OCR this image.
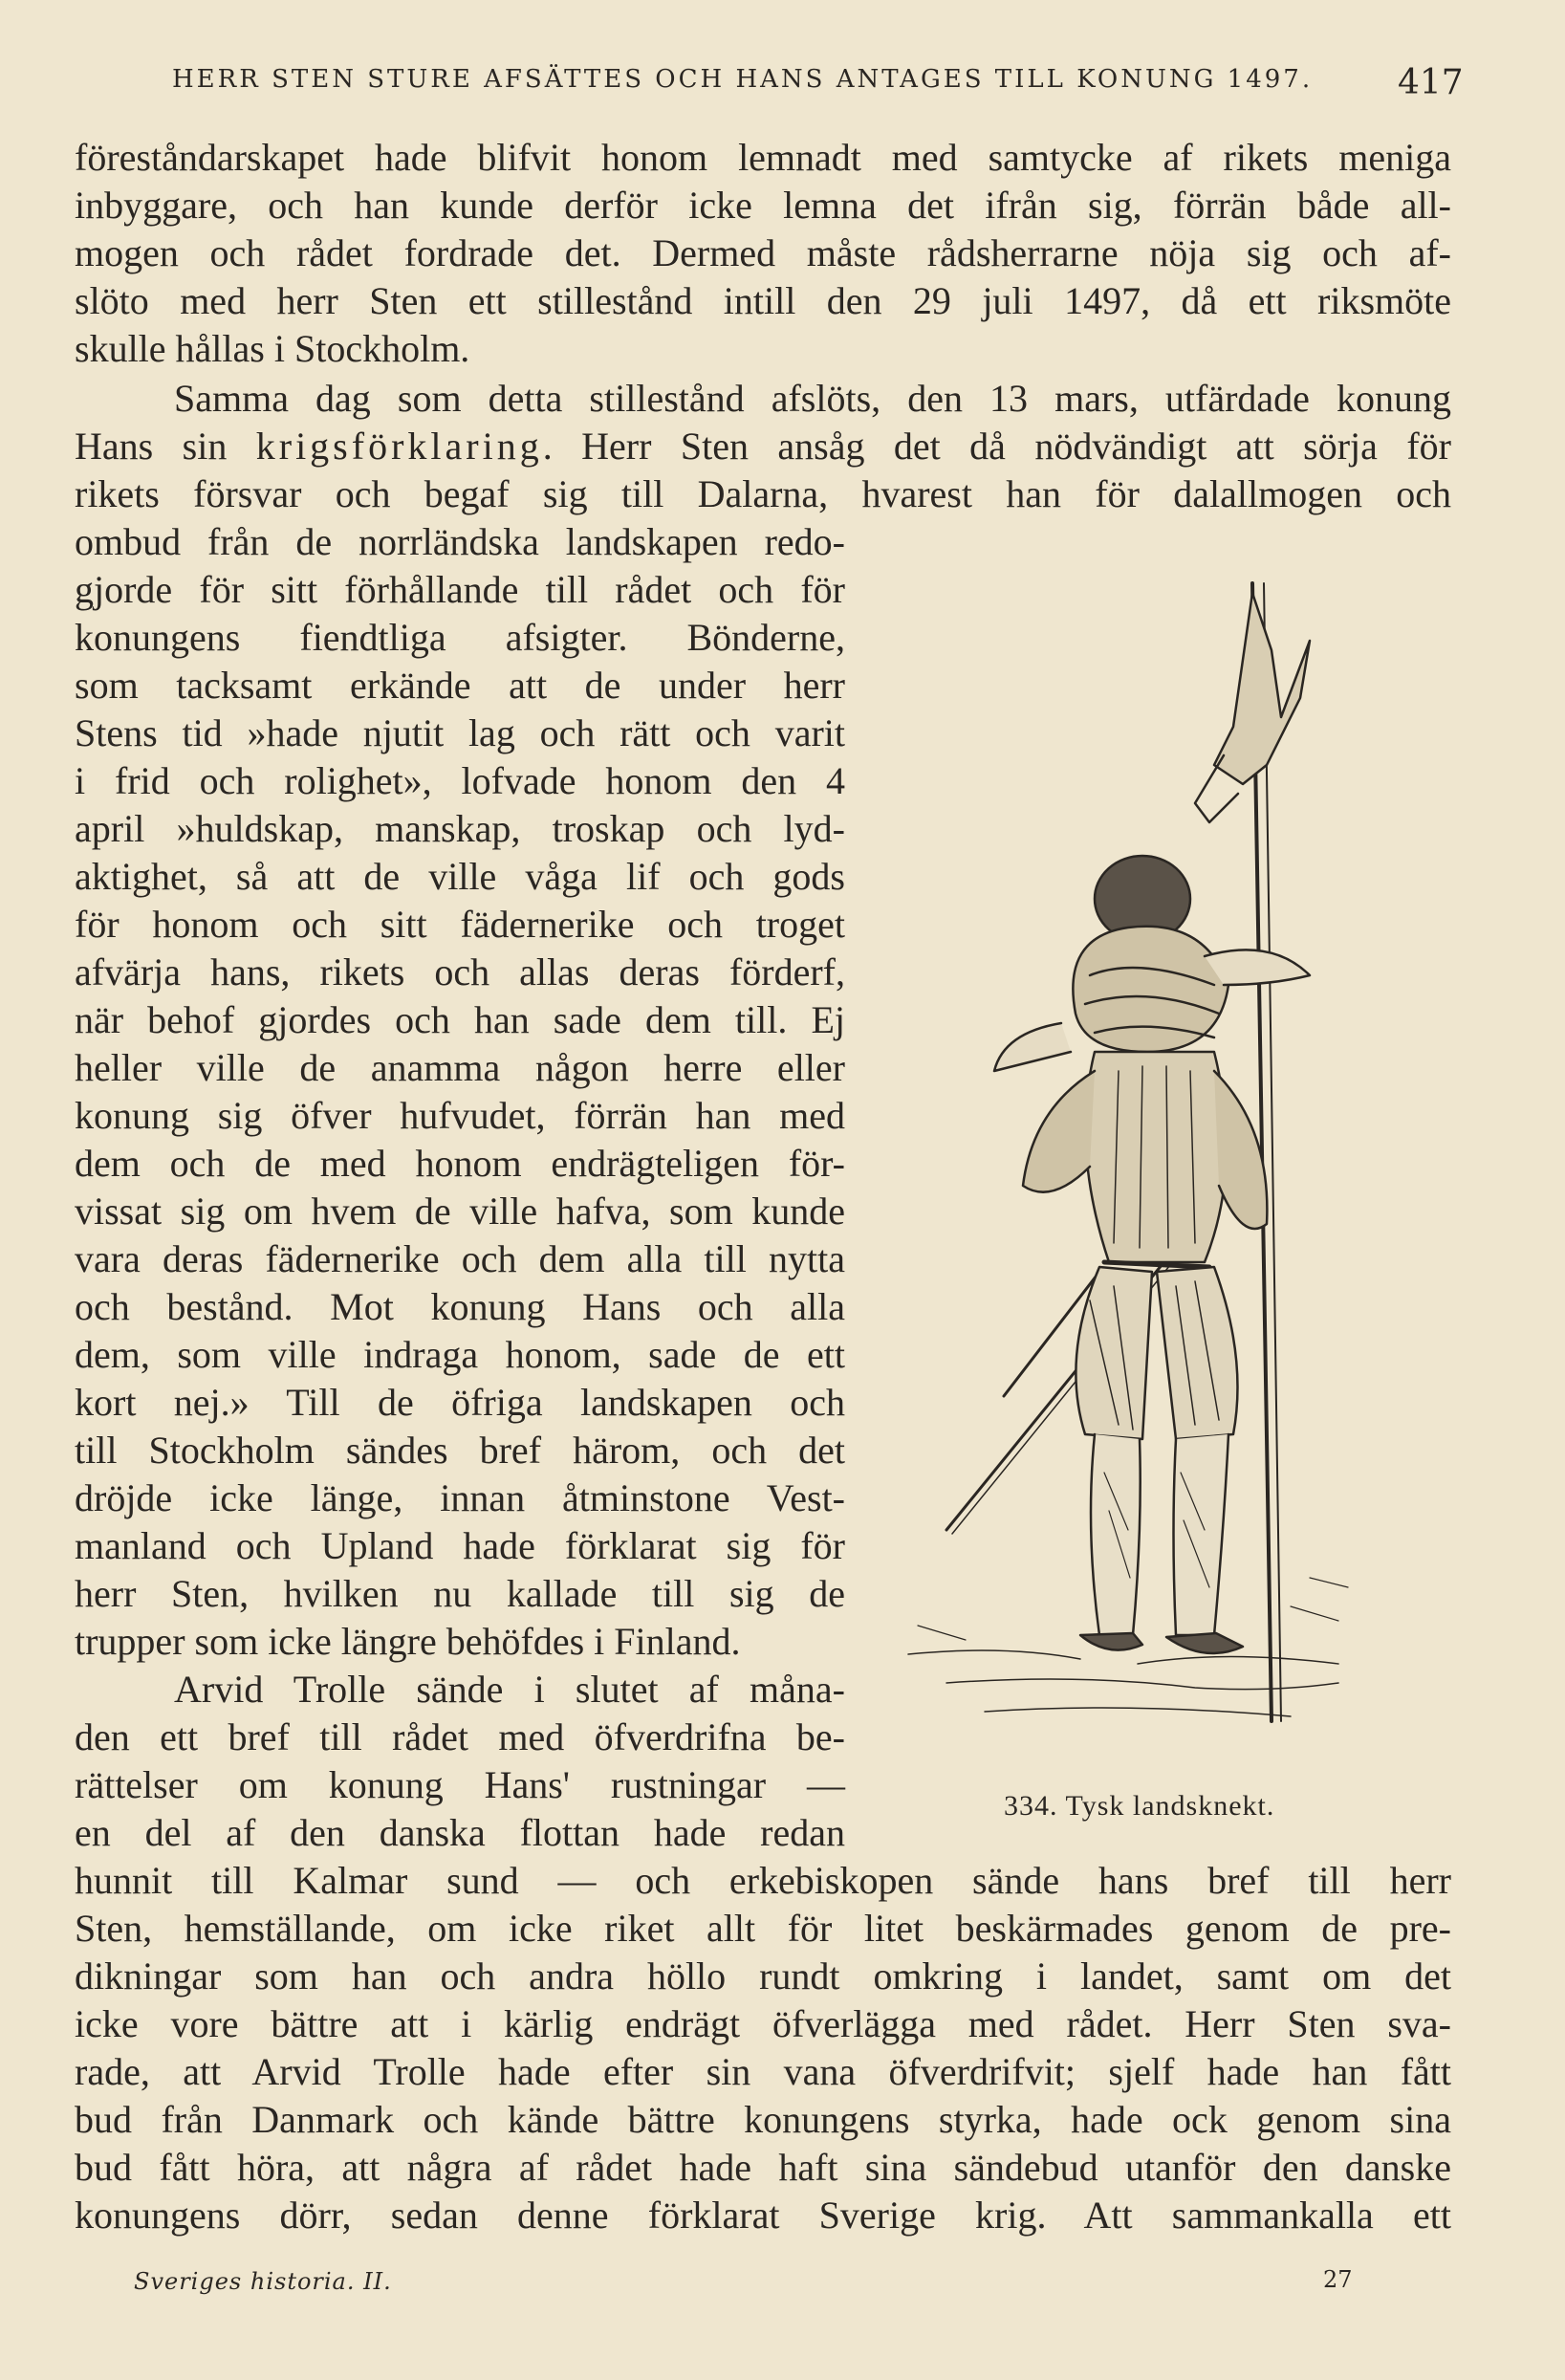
HERR STEN STURE AFSÄTTES OCH HANS ANTAGES TILL KONUNG 1497.	417
föreståndarskapet hade blifvit honom lemnadt med samtycke af rikets meniga
inbyggare, och han kunde derför icke lemna det ifrån sig, förrän både all-
mogen och rådet fordrade det. Dermed måste rådsherrarne nöja sig och af-
slöto med herr Sten ett stillestånd intill den 29 juli 1497, då ett riksmöte
skulle hållas i Stockholm.
Samma dag som detta stillestånd afslöts, den 13 mars, utfärdade konung
Hans sin krigsförklaring. Herr Sten ansåg det då nödvändigt att sörja för
rikets försvar och begaf sig till Dalarna, hvarest han för dalallmogen och
ombud från de norrländska landskapen redo-
gjorde för sitt förhållande till rådet och för
konungens fiendtliga afsigter. Bönderne,
som tacksamt erkände att de under herr
Stens tid »hade njutit lag och rätt och varit
i frid och rolighet», lofvade honom den 4
april »huldskap, manskap, troskap och lyd-
aktighet, så att de ville våga lif och gods
för honom och sitt fädernerike och troget
afvärja hans, rikets och allas deras förderf,
när behof gjordes och han sade dem till. Ej
heller ville de anamma någon herre eller
konung sig öfver hufvudet, förrän han med
dem och de med honom endrägteligen för-
vissat sig om hvem de ville hafva, som kunde
vara deras fädernerike och dem alla till nytta
och bestånd. Mot konung Hans och alla
dem, som ville indraga honom, sade de ett
kort nej.» Till de öfriga landskapen och
till Stockholm sändes bref härom, och det
dröjde icke länge, innan åtminstone Vest-
manland och Upland hade förklarat sig för
herr Sten, hvilken nu kallade till sig de
trupper som icke längre behöfdes i Finland.
Arvid Trolle sände i slutet af måna-
den ett bref till rådet med öfverdrifna be-
rättelser om konung Hans' rustningar —
en del af den danska flottan hade redan
hunnit till Kalmar sund — och erkebiskopen sände hans bref till herr
Sten, hemställande, om icke riket allt för litet beskärmades genom de pre-
dikningar som han och andra höllo rundt omkring i landet, samt om det
icke vore bättre att i kärlig endrägt öfverlägga med rådet. Herr Sten sva-
rade, att Arvid Trolle hade efter sin vana öfverdrifvit; sjelf hade han fått
bud från Danmark och kände bättre konungens styrka, hade ock genom sina
bud fått höra, att några af rådet hade haft sina sändebud utanför den danske
konungens dörr, sedan denne förklarat Sverige krig. Att sammankalla ett
334. Tysk landsknekt.
Sveriges historia. II.	27
